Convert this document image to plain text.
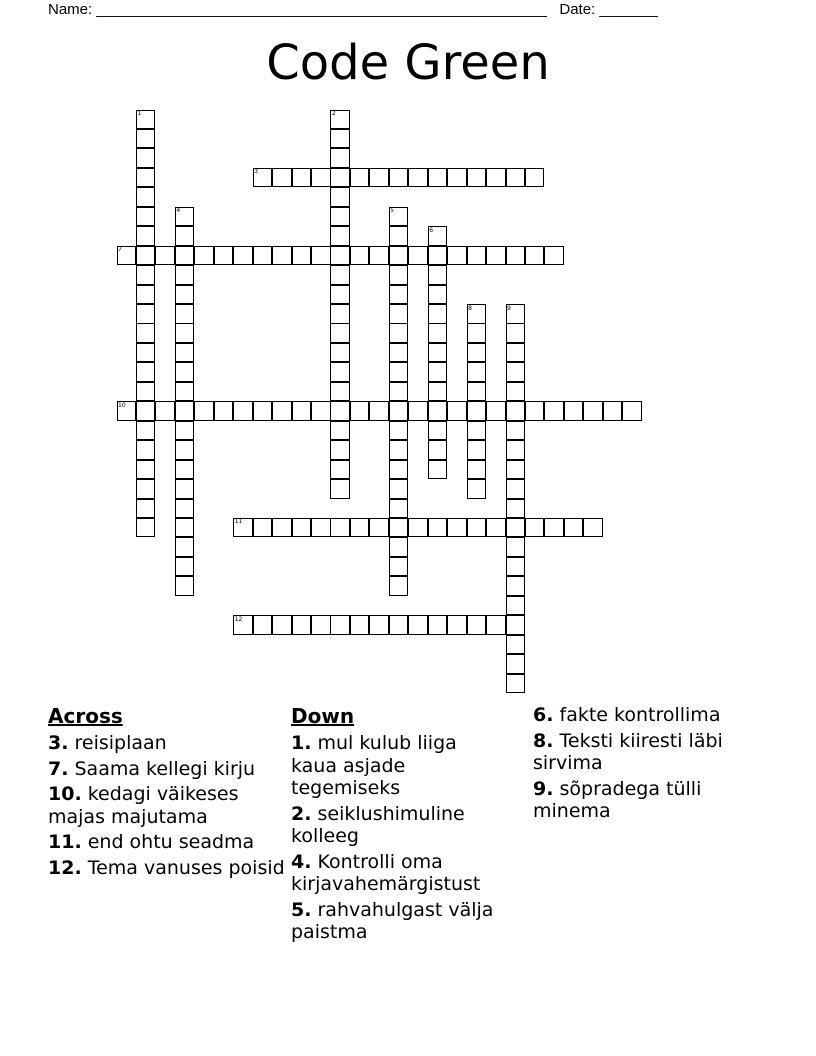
Name: ______________________________________________________ Date: _______
Code Green
1	2
3
4	5
6
7
8	9
10
11
12
Across
3. reisiplaan
7. Saama kellegi kirju
10. kedagi väikeses majas majutama
11. end ohtu seadma
12. Tema vanuses poisid
Down
1. mul kulub liiga kaua asjade tegemiseks
2. seiklushimuline kolleeg
4. Kontrolli oma kirjavahemärgistust
5. rahvahulgast välja paistma
6. fakte kontrollima
8. Teksti kiiresti läbi sirvima
9. sõpradega tülli minema
